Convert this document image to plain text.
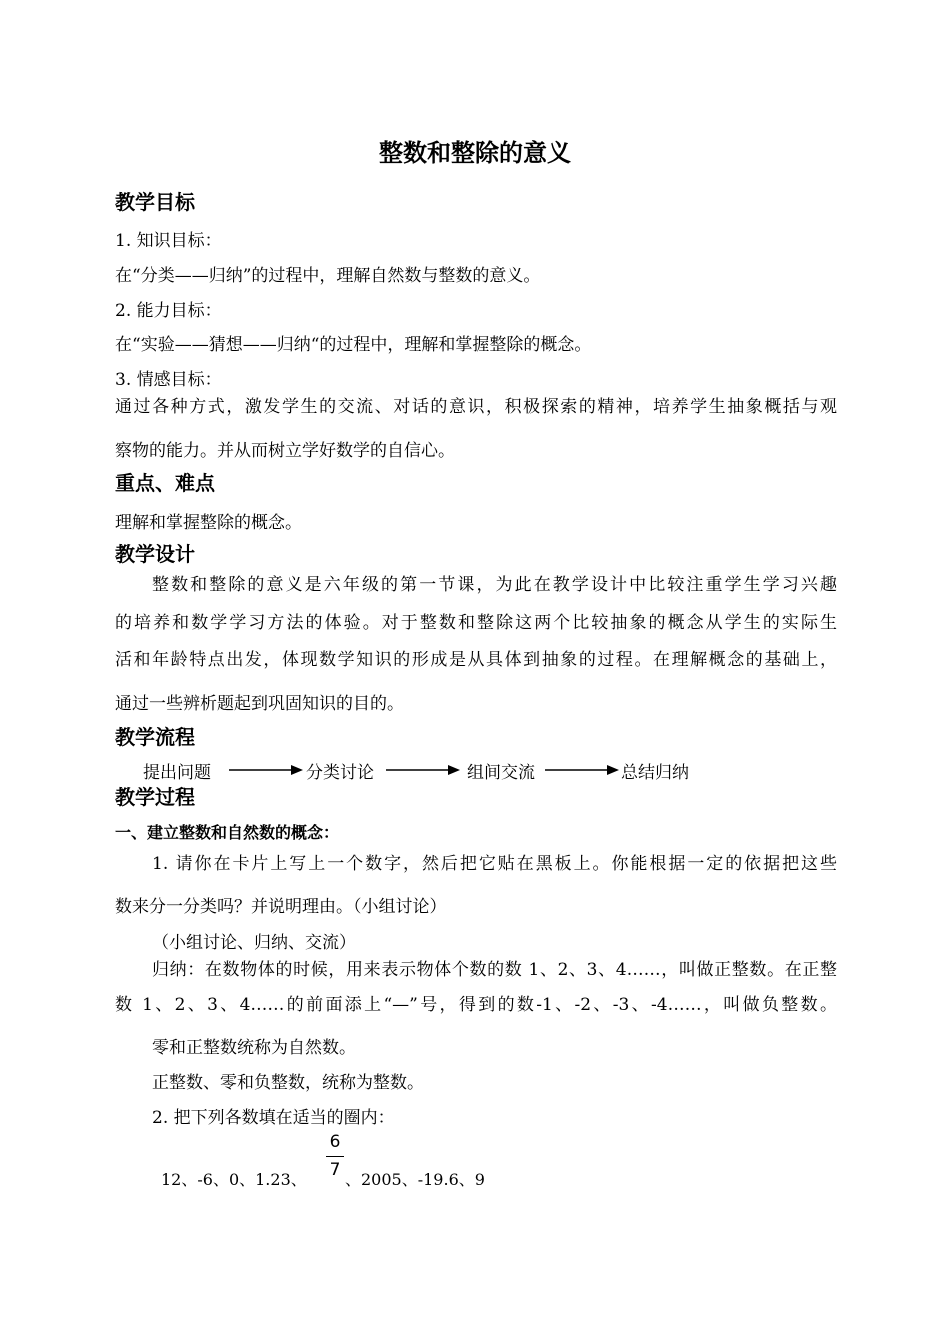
整数和整除的意义
教学目标
1. 知识目标：
在“分类——归纳”的过程中，理解自然数与整数的意义。
2. 能力目标：
在“实验——猜想——归纳“的过程中，理解和掌握整除的概念。
3. 情感目标：
通过各种方式，激发学生的交流、对话的意识，积极探索的精神，培养学生抽象概括与观
察物的能力。并从而树立学好数学的自信心。
重点、难点
理解和掌握整除的概念。
教学设计
整数和整除的意义是六年级的第一节课，为此在教学设计中比较注重学生学习兴趣
的培养和数学学习方法的体验。对于整数和整除这两个比较抽象的概念从学生的实际生
活和年龄特点出发，体现数学知识的形成是从具体到抽象的过程。在理解概念的基础上，
通过一些辨析题起到巩固知识的目的。
教学流程
提出问题	分类讨论	组间交流	总结归纳
教学过程
一、建立整数和自然数的概念：
1. 请你在卡片上写上一个数字，然后把它贴在黑板上。你能根据一定的依据把这些
数来分一分类吗？并说明理由。（小组讨论）
（小组讨论、归纳、交流）
归纳：在数物体的时候，用来表示物体个数的数 1、2、3、4……，叫做正整数。在正整
数 1、2、3、4……的前面添上“—”号，得到的数-1、-2、-3、-4……，叫做负整数。
零和正整数统称为自然数。
正整数、零和负整数，统称为整数。
2. 把下列各数填在适当的圈内：
12、-6、0、1.23、
6
7 、2005、-19.6、9
